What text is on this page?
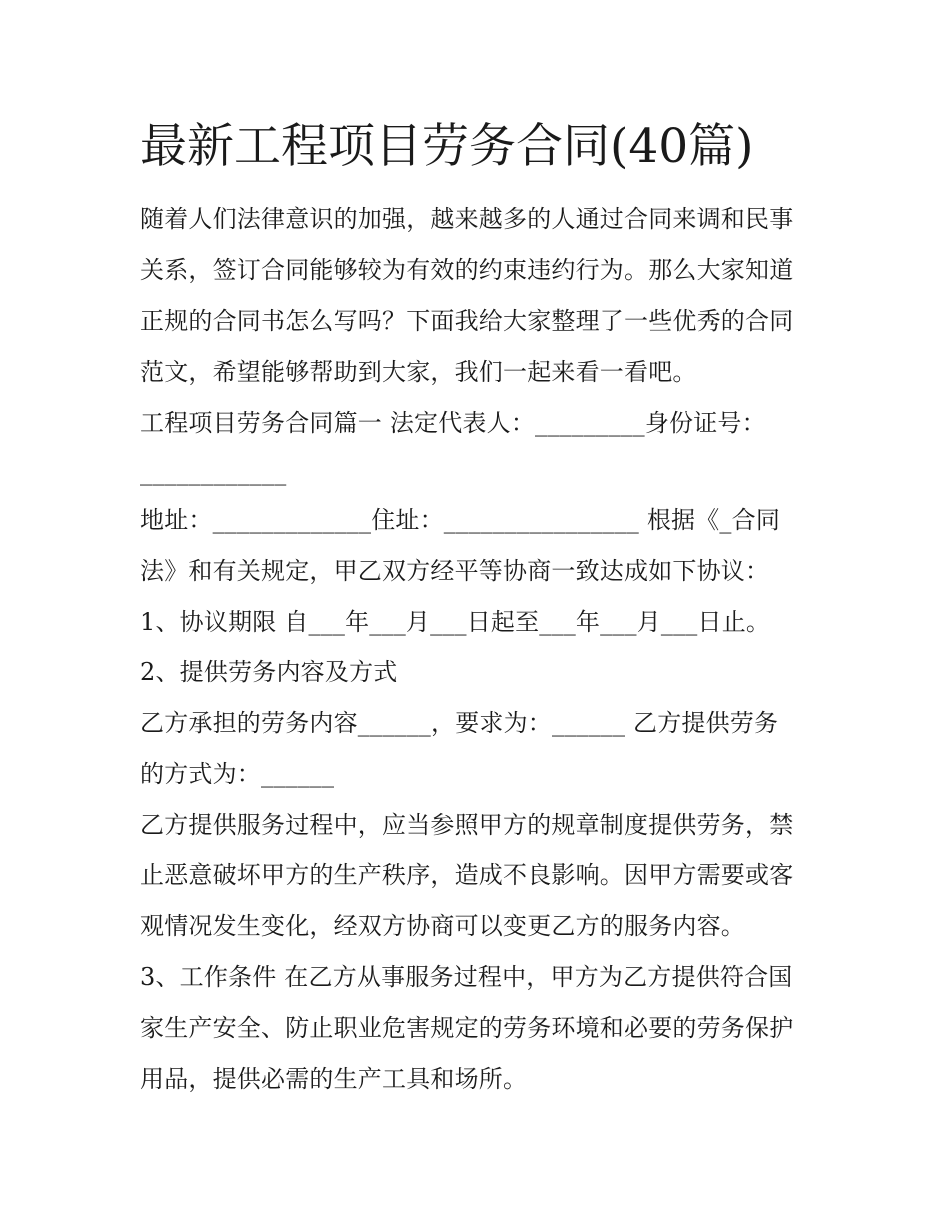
最新工程项目劳务合同(40篇)
随着人们法律意识的加强，越来越多的人通过合同来调和民事
关系，签订合同能够较为有效的约束违约行为。那么大家知道
正规的合同书怎么写吗？下面我给大家整理了一些优秀的合同
范文，希望能够帮助到大家，我们一起来看一看吧。
工程项目劳务合同篇一 法定代表人：_________身份证号：
____________
地址：_____________住址：________________ 根据《_合同
法》和有关规定，甲乙双方经平等协商一致达成如下协议：
1、协议期限 自___年___月___日起至___年___月___日止。
2、提供劳务内容及方式
乙方承担的劳务内容______，要求为：______ 乙方提供劳务
的方式为：______
乙方提供服务过程中，应当参照甲方的规章制度提供劳务，禁
止恶意破坏甲方的生产秩序，造成不良影响。因甲方需要或客
观情况发生变化，经双方协商可以变更乙方的服务内容。
3、工作条件 在乙方从事服务过程中，甲方为乙方提供符合国
家生产安全、防止职业危害规定的劳务环境和必要的劳务保护
用品，提供必需的生产工具和场所。
